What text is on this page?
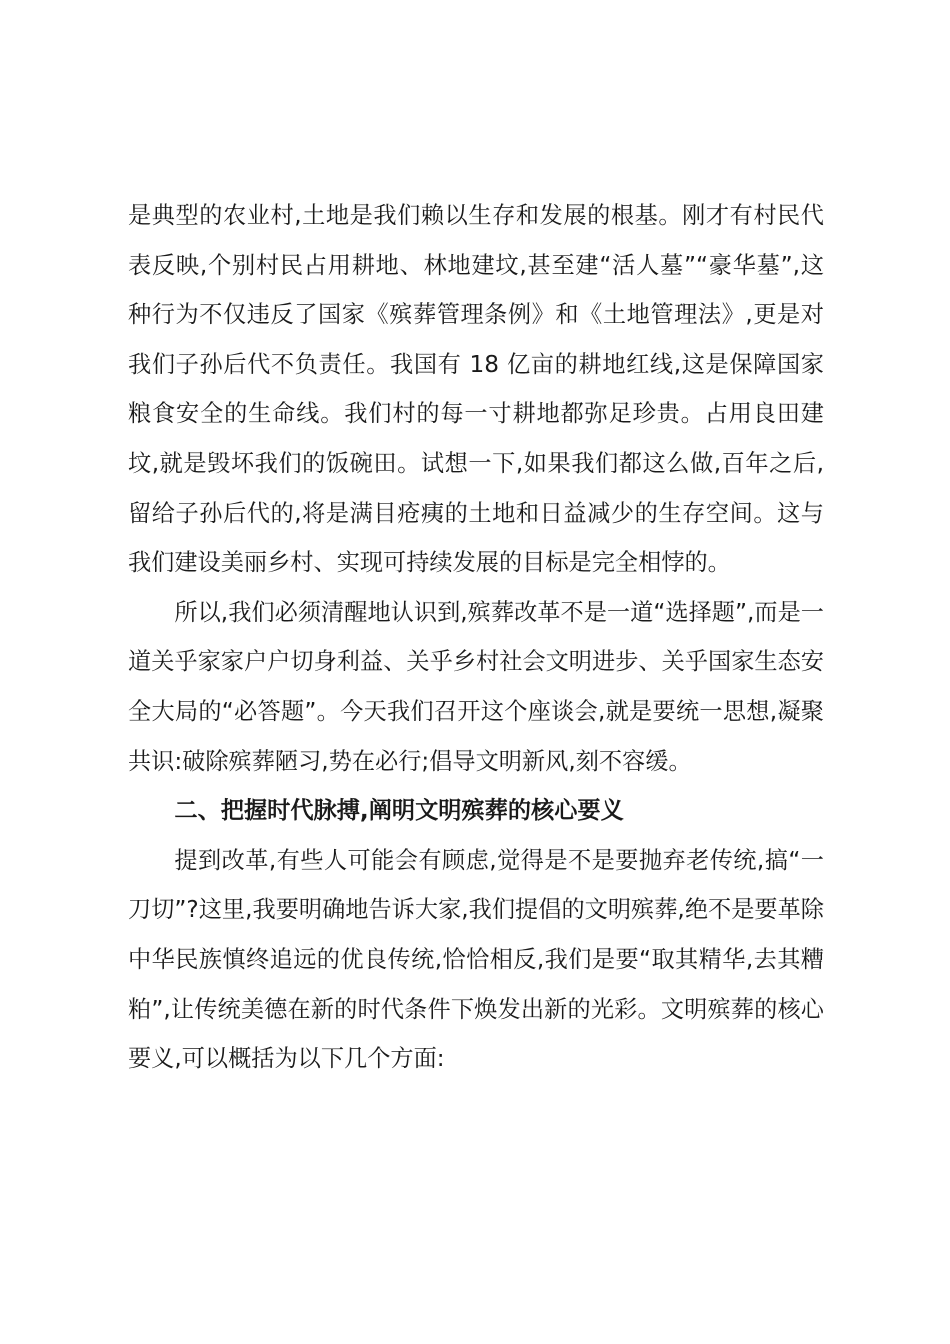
是典型的农业村,土地是我们赖以生存和发展的根基。刚才有村民代表反映,个别村民占用耕地、林地建坟,甚至建“活人墓”“豪华墓”,这种行为不仅违反了国家《殡葬管理条例》和《土地管理法》,更是对我们子孙后代不负责任。我国有 18 亿亩的耕地红线,这是保障国家粮食安全的生命线。我们村的每一寸耕地都弥足珍贵。占用良田建坟,就是毁坏我们的饭碗田。试想一下,如果我们都这么做,百年之后,留给子孙后代的,将是满目疮痍的土地和日益减少的生存空间。这与我们建设美丽乡村、实现可持续发展的目标是完全相悖的。

所以,我们必须清醒地认识到,殡葬改革不是一道“选择题”,而是一道关乎家家户户切身利益、关乎乡村社会文明进步、关乎国家生态安全大局的“必答题”。今天我们召开这个座谈会,就是要统一思想,凝聚共识:破除殡葬陋习,势在必行;倡导文明新风,刻不容缓。

二、把握时代脉搏,阐明文明殡葬的核心要义

提到改革,有些人可能会有顾虑,觉得是不是要抛弃老传统,搞“一刀切”?这里,我要明确地告诉大家,我们提倡的文明殡葬,绝不是要革除中华民族慎终追远的优良传统,恰恰相反,我们是要“取其精华,去其糟粕”,让传统美德在新的时代条件下焕发出新的光彩。文明殡葬的核心要义,可以概括为以下几个方面:
